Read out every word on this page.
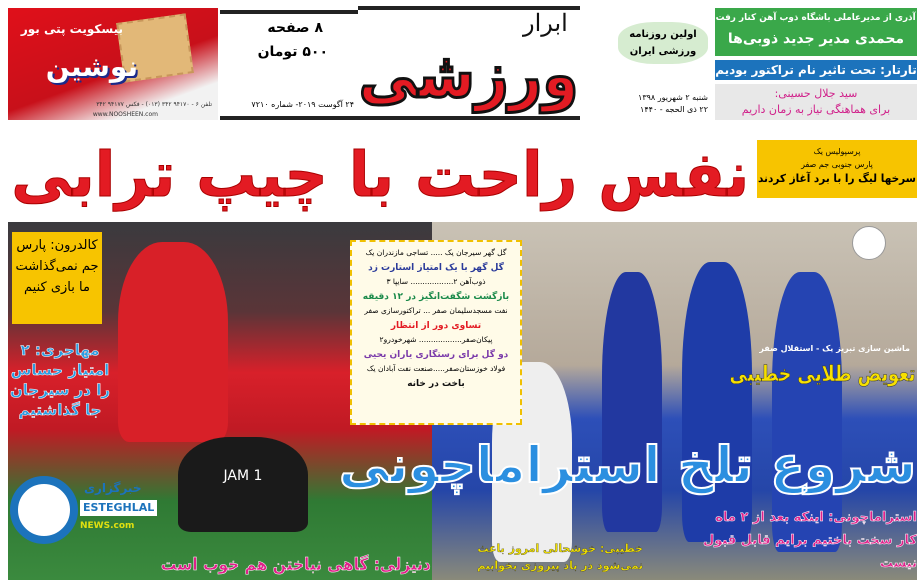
بیسکویت پتی بور
نوشین
تلفن ۶ - ۹۴۱۷۰ ۳۴۲ (۰۱۳) - فکس ۹۴۱۷۷ ۳۴۲
www.NOOSHEEN.com
۸ صفحه
۵۰۰ تومان
۲۴ آگوست ۲۰۱۹- شماره ۷۲۱۰ ورزشی
ابرار	اولین روزنامه
ورزشی ایران
شنبه ۲ شهریور ۱۳۹۸
۲۲ ذی الحجه - ۱۴۴۰
آذری از مدیرعاملی باشگاه ذوب آهن کنار رفت
محمدی مدیر جدید ذوبی‌ها
تارتار: تحت تاثیر نام تراکتور بودیم
سید جلال حسینی:
برای هماهنگی نیاز به زمان داریم
JAM 1
نفس راحت با چیپ ترابی	پرسپولیس یک
پارس جنوبی جم صفر
سرخها لیگ را با برد آغاز کردند
گل گهر سیرجان یک ..... تساجی مازندران یک
گل گهر با یک امتیاز استارت زد
ذوب‌آهن ۲.................. سایپا ۳
بازگشت شگفت‌انگیز در ۱۲ دقیقه
نفت مسجدسلیمان صفر ... تراکتورسازی صفر
تساوی دور از انتظار
پیکان‌صفر.................. شهرخودرو۲
دو گل برای رستگاری یاران یحیی
فولاد خوزستان‌صفر.....صنعت نفت آبادان یک
باخت در خانه
کالدرون: پارس جم نمی‌گذاشت ما بازی کنیم
مهاجری: ۲ امتیاز حساس را در سیرجان جا گذاشتیم
ماشین سازی تبریز یک - استقلال صفر
تعویض طلایی خطیبی
شروع تلخ استراماچونی
خبرگزاری
ESTEGHLAL
NEWS.com
دنیزلی: گاهی نباختن هم خوب است
خطیبی: خوشحالی امروز باعث نمی‌شود در باد پیروزی بخوابیم
استراماچونی: اینکه بعد از ۲ ماه کار سخت باختیم برایم قابل قبول نیست
